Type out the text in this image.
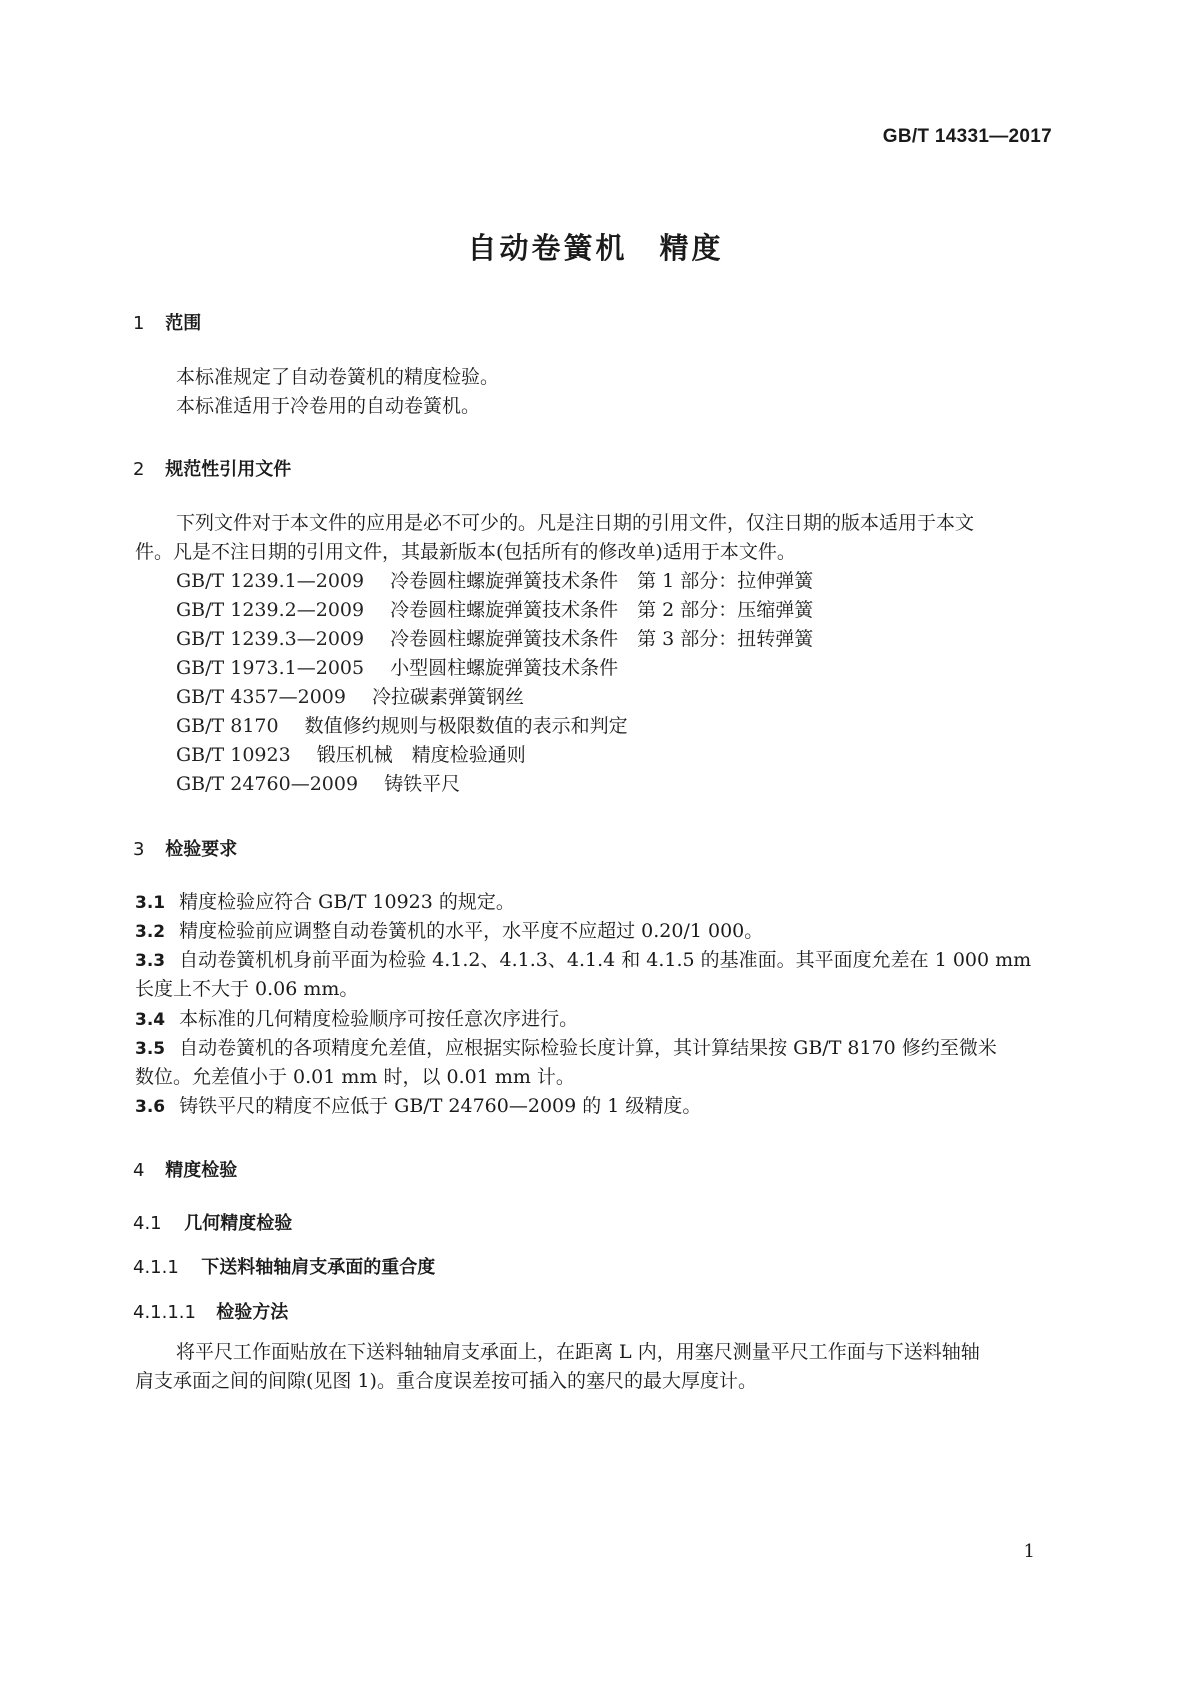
GB/T 14331—2017
自动卷簧机　精度
1 范围
本标准规定了自动卷簧机的精度检验。
本标准适用于冷卷用的自动卷簧机。
2 规范性引用文件
下列文件对于本文件的应用是必不可少的。凡是注日期的引用文件，仅注日期的版本适用于本文
件。凡是不注日期的引用文件，其最新版本(包括所有的修改单)适用于本文件。
GB/T 1239.1—2009 冷卷圆柱螺旋弹簧技术条件　第 1 部分：拉伸弹簧
GB/T 1239.2—2009 冷卷圆柱螺旋弹簧技术条件　第 2 部分：压缩弹簧
GB/T 1239.3—2009 冷卷圆柱螺旋弹簧技术条件　第 3 部分：扭转弹簧
GB/T 1973.1—2005 小型圆柱螺旋弹簧技术条件
GB/T 4357—2009 冷拉碳素弹簧钢丝
GB/T 8170 数值修约规则与极限数值的表示和判定
GB/T 10923 锻压机械　精度检验通则
GB/T 24760—2009 铸铁平尺
3 检验要求
3.1 精度检验应符合 GB/T 10923 的规定。
3.2 精度检验前应调整自动卷簧机的水平，水平度不应超过 0.20/1 000。
3.3 自动卷簧机机身前平面为检验 4.1.2、4.1.3、4.1.4 和 4.1.5 的基准面。其平面度允差在 1 000 mm
长度上不大于 0.06 mm。
3.4 本标准的几何精度检验顺序可按任意次序进行。
3.5 自动卷簧机的各项精度允差值，应根据实际检验长度计算，其计算结果按 GB/T 8170 修约至微米
数位。允差值小于 0.01 mm 时，以 0.01 mm 计。
3.6 铸铁平尺的精度不应低于 GB/T 24760—2009 的 1 级精度。
4 精度检验
4.1 几何精度检验
4.1.1 下送料轴轴肩支承面的重合度
4.1.1.1 检验方法
将平尺工作面贴放在下送料轴轴肩支承面上，在距离 L 内，用塞尺测量平尺工作面与下送料轴轴
肩支承面之间的间隙(见图 1)。重合度误差按可插入的塞尺的最大厚度计。
1
